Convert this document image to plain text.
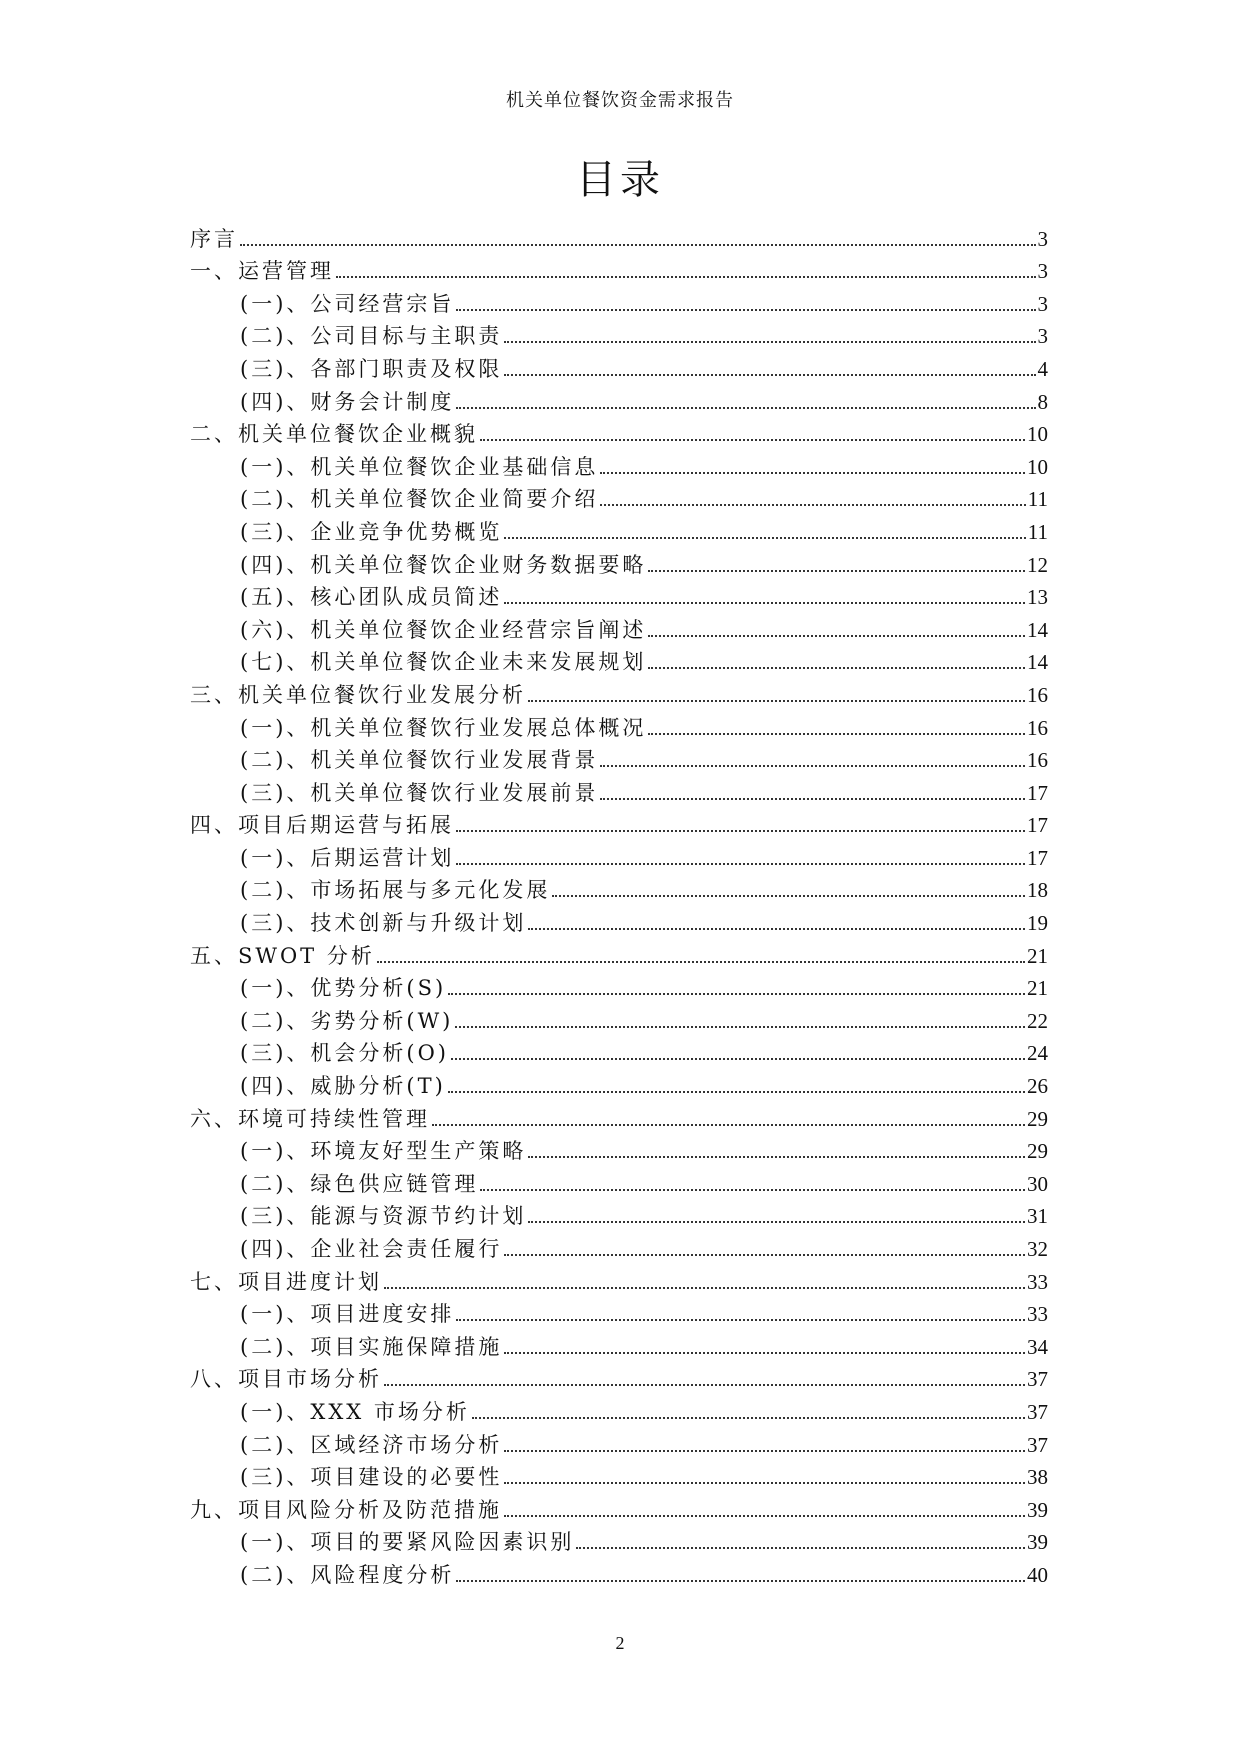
机关单位餐饮资金需求报告
目录
序言	3
一、运营管理	3
(一)、公司经营宗旨	3
(二)、公司目标与主职责	3
(三)、各部门职责及权限	4
(四)、财务会计制度	8
二、机关单位餐饮企业概貌	10
(一)、机关单位餐饮企业基础信息	10
(二)、机关单位餐饮企业简要介绍	11
(三)、企业竞争优势概览	11
(四)、机关单位餐饮企业财务数据要略	12
(五)、核心团队成员简述	13
(六)、机关单位餐饮企业经营宗旨阐述	14
(七)、机关单位餐饮企业未来发展规划	14
三、机关单位餐饮行业发展分析	16
(一)、机关单位餐饮行业发展总体概况	16
(二)、机关单位餐饮行业发展背景	16
(三)、机关单位餐饮行业发展前景	17
四、项目后期运营与拓展	17
(一)、后期运营计划	17
(二)、市场拓展与多元化发展	18
(三)、技术创新与升级计划	19
五、SWOT 分析	21
(一)、优势分析(S)	21
(二)、劣势分析(W)	22
(三)、机会分析(O)	24
(四)、威胁分析(T)	26
六、环境可持续性管理	29
(一)、环境友好型生产策略	29
(二)、绿色供应链管理	30
(三)、能源与资源节约计划	31
(四)、企业社会责任履行	32
七、项目进度计划	33
(一)、项目进度安排	33
(二)、项目实施保障措施	34
八、项目市场分析	37
(一)、XXX 市场分析	37
(二)、区域经济市场分析	37
(三)、项目建设的必要性	38
九、项目风险分析及防范措施	39
(一)、项目的要紧风险因素识别	39
(二)、风险程度分析	40
2
